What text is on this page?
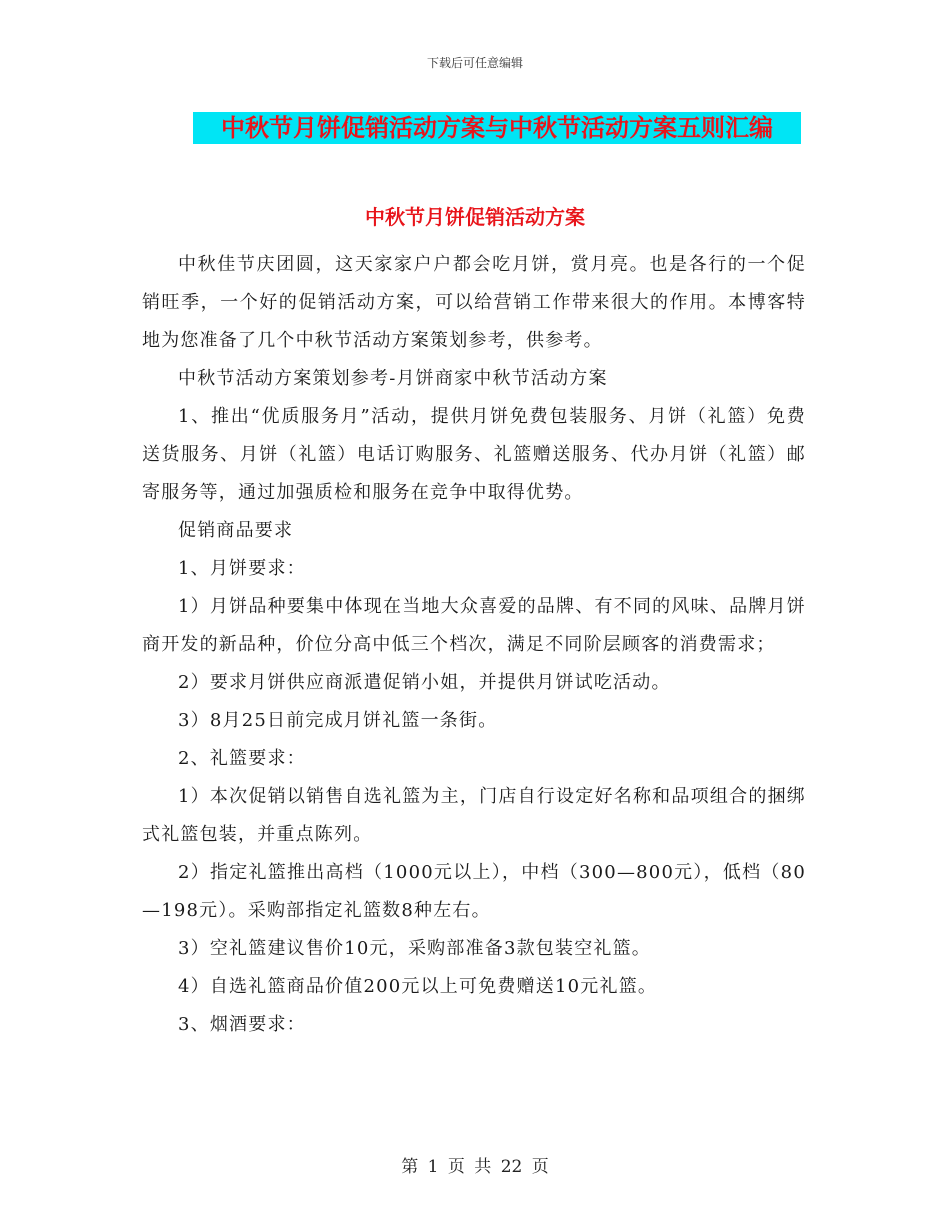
下载后可任意编辑
中秋节月饼促销活动方案与中秋节活动方案五则汇编
中秋节月饼促销活动方案

中秋佳节庆团圆，这天家家户户都会吃月饼，赏月亮。也是各行的一个促销旺季，一个好的促销活动方案，可以给营销工作带来很大的作用。本博客特地为您准备了几个中秋节活动方案策划参考，供参考。

中秋节活动方案策划参考-月饼商家中秋节活动方案

1、推出“优质服务月”活动，提供月饼免费包装服务、月饼（礼篮）免费送货服务、月饼（礼篮）电话订购服务、礼篮赠送服务、代办月饼（礼篮）邮寄服务等，通过加强质检和服务在竞争中取得优势。

促销商品要求

1、月饼要求：

1）月饼品种要集中体现在当地大众喜爱的品牌、有不同的风味、品牌月饼商开发的新品种，价位分高中低三个档次，满足不同阶层顾客的消费需求；

2）要求月饼供应商派遣促销小姐，并提供月饼试吃活动。

3）8月25日前完成月饼礼篮一条街。

2、礼篮要求：

1）本次促销以销售自选礼篮为主，门店自行设定好名称和品项组合的捆绑式礼篮包装，并重点陈列。

2）指定礼篮推出高档（1000元以上），中档（300—800元），低档（80—198元）。采购部指定礼篮数8种左右。

3）空礼篮建议售价10元，采购部准备3款包装空礼篮。

4）自选礼篮商品价值200元以上可免费赠送10元礼篮。

3、烟酒要求：

第 1 页 共 22 页
